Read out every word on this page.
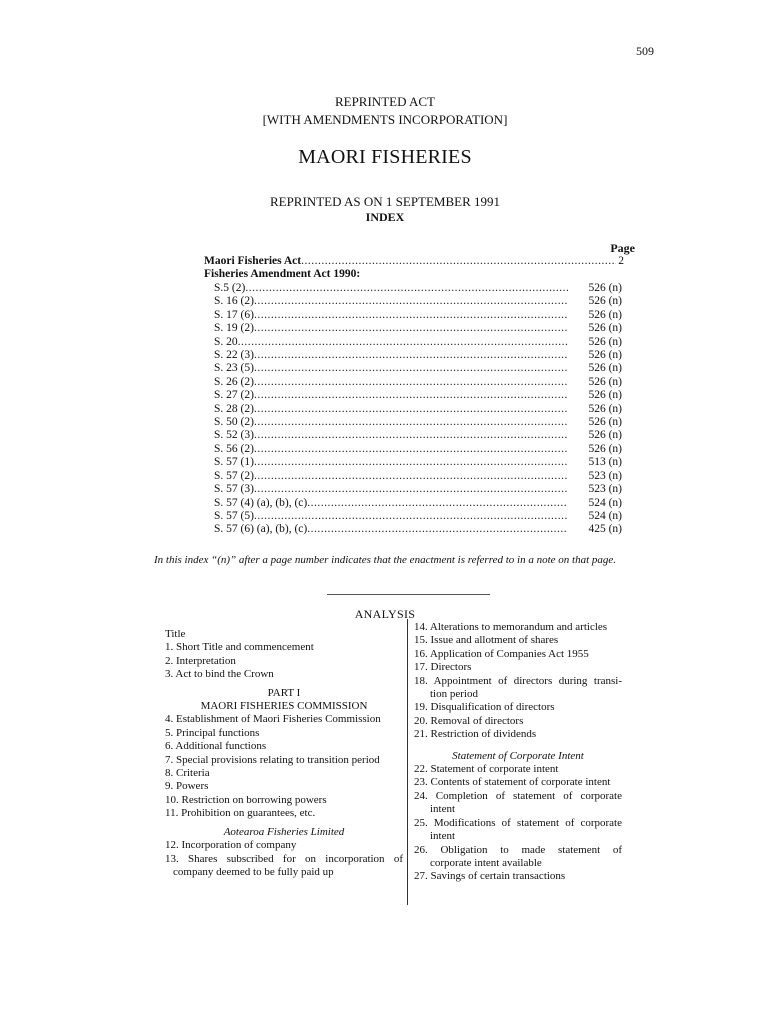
509
REPRINTED ACT
[WITH AMENDMENTS INCORPORATION]
MAORI FISHERIES
REPRINTED AS ON 1 SEPTEMBER 1991
INDEX
Page
Maori Fisheries Act .....	2
Fisheries Amendment Act 1990:
S.5 (2) .....	526 (n)
S. 16 (2) .....	526 (n)
S. 17 (6) .....	526 (n)
S. 19 (2) .....	526 (n)
S. 20 .....	526 (n)
S. 22 (3) .....	526 (n)
S. 23 (5) .....	526 (n)
S. 26 (2) .....	526 (n)
S. 27 (2) .....	526 (n)
S. 28 (2) .....	526 (n)
S. 50 (2) .....	526 (n)
S. 52 (3) .....	526 (n)
S. 56 (2) .....	526 (n)
S. 57 (1) .....	513 (n)
S. 57 (2) .....	523 (n)
S. 57 (3) .....	523 (n)
S. 57 (4) (a), (b), (c) .....	524 (n)
S. 57 (5) .....	524 (n)
S. 57 (6) (a), (b), (c) .....	425 (n)
In this index “(n)” after a page number indicates that the enactment is referred to in a note on that page.
ANALYSIS

Title

1. Short Title and commencement

2. Interpretation

3. Act to bind the Crown

PART I

MAORI FISHERIES COMMISSION

4. Establishment of Maori Fisheries Commission

5. Principal functions

6. Additional functions

7. Special provisions relating to transition period

8. Criteria

9. Powers

10. Restriction on borrowing powers

11. Prohibition on guarantees, etc.

Aotearoa Fisheries Limited

12. Incorporation of company

13. Shares subscribed for on incorporation of

company deemed to be fully paid up

14. Alterations to memorandum and articles

15. Issue and allotment of shares

16. Application of Companies Act 1955

17. Directors

18. Appointment of directors during transi-

tion period

19. Disqualification of directors

20. Removal of directors

21. Restriction of dividends

Statement of Corporate Intent

22. Statement of corporate intent

23. Contents of statement of corporate intent

24. Completion of statement of corporate

intent

25. Modifications of statement of corporate

intent

26. Obligation to made statement of

corporate intent available

27. Savings of certain transactions
